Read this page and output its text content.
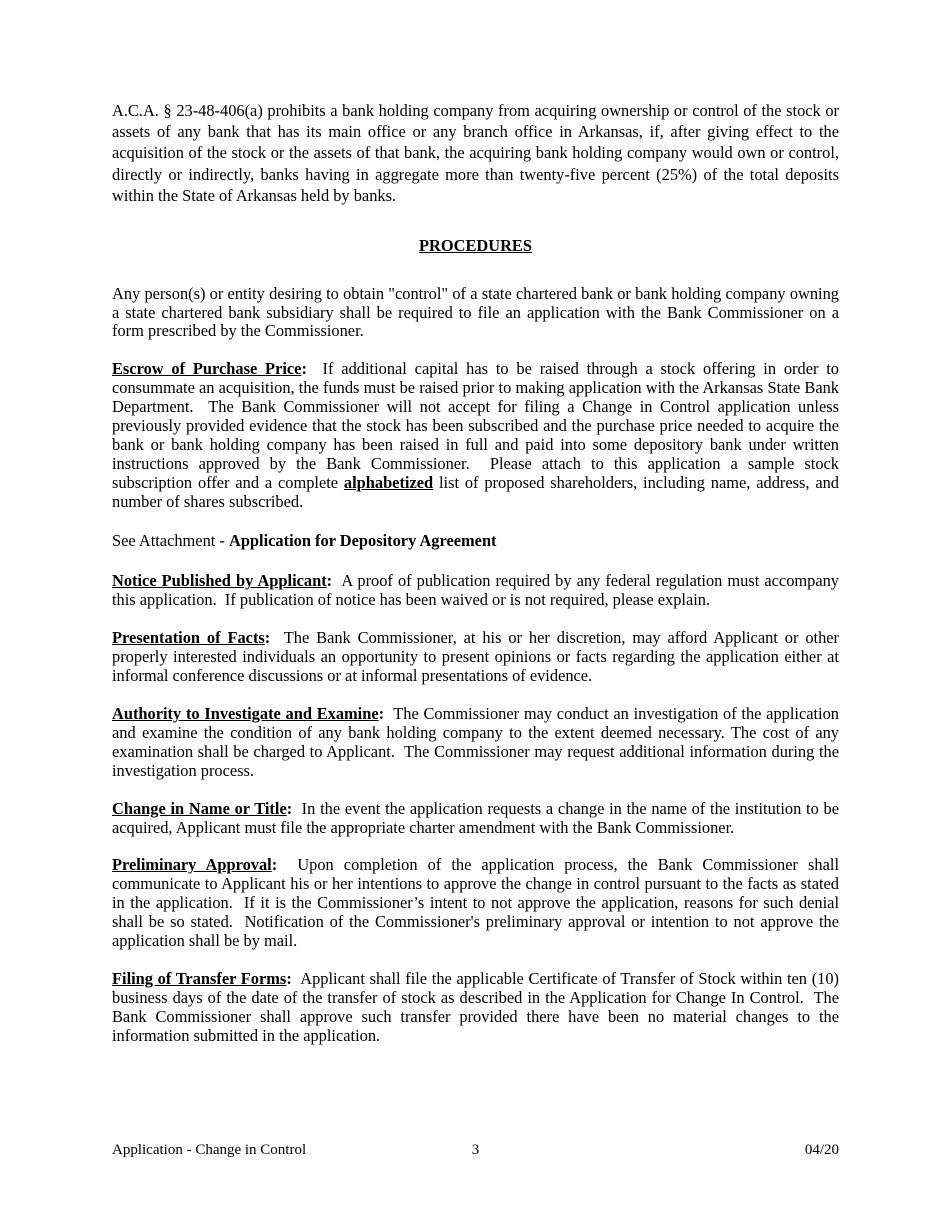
A.C.A. § 23-48-406(a) prohibits a bank holding company from acquiring ownership or control of the stock or assets of any bank that has its main office or any branch office in Arkansas, if, after giving effect to the acquisition of the stock or the assets of that bank, the acquiring bank holding company would own or control, directly or indirectly, banks having in aggregate more than twenty-five percent (25%) of the total deposits within the State of Arkansas held by banks.

PROCEDURES

Any person(s) or entity desiring to obtain "control" of a state chartered bank or bank holding company owning a state chartered bank subsidiary shall be required to file an application with the Bank Commissioner on a form prescribed by the Commissioner.

Escrow of Purchase Price:  If additional capital has to be raised through a stock offering in order to consummate an acquisition, the funds must be raised prior to making application with the Arkansas State Bank Department.  The Bank Commissioner will not accept for filing a Change in Control application unless previously provided evidence that the stock has been subscribed and the purchase price needed to acquire the bank or bank holding company has been raised in full and paid into some depository bank under written instructions approved by the Bank Commissioner.  Please attach to this application a sample stock subscription offer and a complete alphabetized list of proposed shareholders, including name, address, and number of shares subscribed.

See Attachment - Application for Depository Agreement

Notice Published by Applicant:  A proof of publication required by any federal regulation must accompany this application.  If publication of notice has been waived or is not required, please explain.

Presentation of Facts:  The Bank Commissioner, at his or her discretion, may afford Applicant or other properly interested individuals an opportunity to present opinions or facts regarding the application either at informal conference discussions or at informal presentations of evidence.

Authority to Investigate and Examine:  The Commissioner may conduct an investigation of the application and examine the condition of any bank holding company to the extent deemed necessary. The cost of any examination shall be charged to Applicant.  The Commissioner may request additional information during the investigation process.

Change in Name or Title:  In the event the application requests a change in the name of the institution to be acquired, Applicant must file the appropriate charter amendment with the Bank Commissioner.

Preliminary Approval:  Upon completion of the application process, the Bank Commissioner shall communicate to Applicant his or her intentions to approve the change in control pursuant to the facts as stated in the application.  If it is the Commissioner’s intent to not approve the application, reasons for such denial shall be so stated.  Notification of the Commissioner's preliminary approval or intention to not approve the application shall be by mail.

Filing of Transfer Forms:  Applicant shall file the applicable Certificate of Transfer of Stock within ten (10) business days of the date of the transfer of stock as described in the Application for Change In Control.  The Bank Commissioner shall approve such transfer provided there have been no material changes to the information submitted in the application.

Application - Change in Control	3	04/20
